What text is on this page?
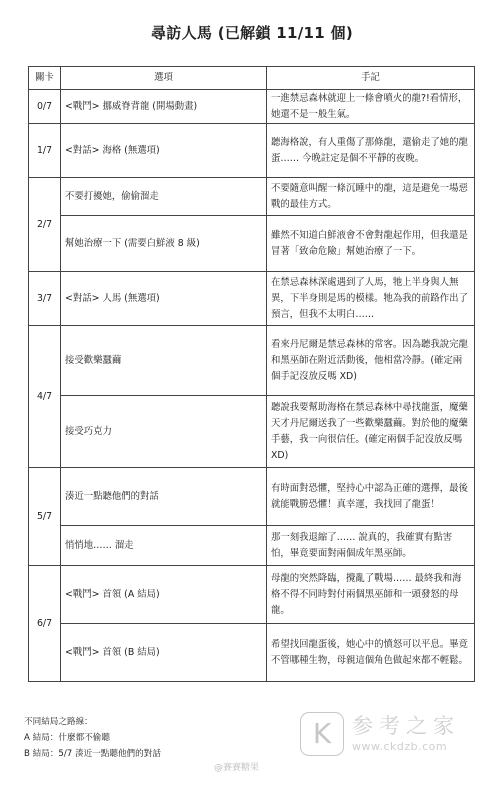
尋訪人馬 (已解鎖 11/11 個)
關卡	選項	手記
0/7	<戰鬥> 挪威脊背龍 (開場動畫)	一進禁忌森林就迎上一條會噴火的龍?!看情形，她還不是一般生氣。
1/7	<對話> 海格 (無選項)	聽海格說，有人重傷了那條龍，還偷走了她的龍蛋…… 今晚註定是個不平靜的夜晚。
2/7	不要打擾她，偷偷溜走	不要隨意叫醒一條沉睡中的龍，這是避免一場惡戰的最佳方式。
	幫她治療一下 (需要白鮮液 8 級)	雖然不知道白鮮液會不會對龍起作用，但我還是冒著「致命危險」幫她治療了一下。
3/7	<對話> 人馬 (無選項)	在禁忌森林深處遇到了人馬，牠上半身與人無異，下半身則是馬的模樣。牠為我的前路作出了預言，但我不太明白……
4/7	接受歡樂蠶繭	看來丹尼爾是禁忌森林的常客。因為聽我說完龍和黑巫師在附近活動後，他相當冷靜。(確定兩個手記沒放反嗎 XD)
	接受巧克力	聽說我要幫助海格在禁忌森林中尋找龍蛋，魔藥天才丹尼爾送我了一些歡樂蠶繭。對於他的魔藥手藝，我一向很信任。(確定兩個手記沒放反嗎 XD)
5/7	湊近一點聽他們的對話	有時面對恐懼，堅持心中認為正確的選擇，最後就能戰勝恐懼！真幸運，我找回了龍蛋！
	悄悄地…… 溜走	那一刻我退縮了…… 說真的，我確實有點害怕，畢竟要面對兩個成年黑巫師。
6/7	<戰鬥> 首領 (A 結局)	母龍的突然降臨，攪亂了戰場…… 最終我和海格不得不同時對付兩個黑巫師和一頭發怒的母龍。
	<戰鬥> 首領 (B 結局)	希望找回龍蛋後，她心中的憤怒可以平息。畢竟不管哪種生物，母親這個角色做起來都不輕鬆。
不同結局之路線：
A 結局：什麼都不偷聽
B 結局：5/7 湊近一點聽他們的對話
K 参考之家
www.ckdzb.com
@賽賽糖果
